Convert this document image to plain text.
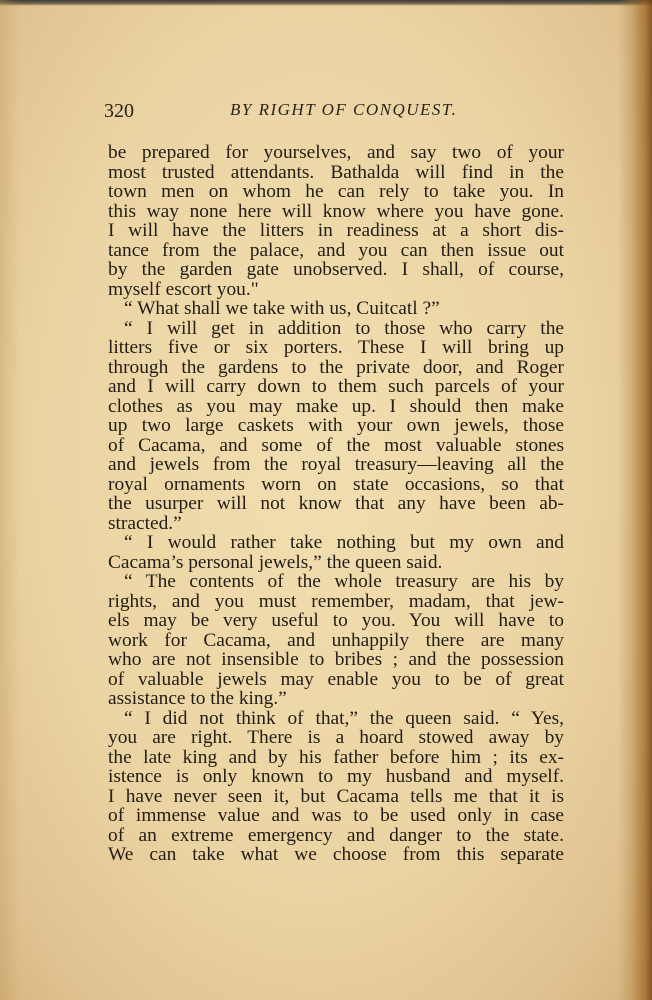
320	BY RIGHT OF CONQUEST.
be prepared for yourselves, and say two of your
most trusted attendants. Bathalda will find in the
town men on whom he can rely to take you. In
this way none here will know where you have gone.
I will have the litters in readiness at a short dis-
tance from the palace, and you can then issue out
by the garden gate unobserved. I shall, of course,
myself escort you."
“ What shall we take with us, Cuitcatl ?”
“ I will get in addition to those who carry the
litters five or six porters. These I will bring up
through the gardens to the private door, and Roger
and I will carry down to them such parcels of your
clothes as you may make up. I should then make
up two large caskets with your own jewels, those
of Cacama, and some of the most valuable stones
and jewels from the royal treasury—leaving all the
royal ornaments worn on state occasions, so that
the usurper will not know that any have been ab-
stracted.”
“ I would rather take nothing but my own and
Cacama’s personal jewels,” the queen said.
“ The contents of the whole treasury are his by
rights, and you must remember, madam, that jew-
els may be very useful to you. You will have to
work for Cacama, and unhappily there are many
who are not insensible to bribes ; and the possession
of valuable jewels may enable you to be of great
assistance to the king.”
“ I did not think of that,” the queen said. “ Yes,
you are right. There is a hoard stowed away by
the late king and by his father before him ; its ex-
istence is only known to my husband and myself.
I have never seen it, but Cacama tells me that it is
of immense value and was to be used only in case
of an extreme emergency and danger to the state.
We can take what we choose from this separate
